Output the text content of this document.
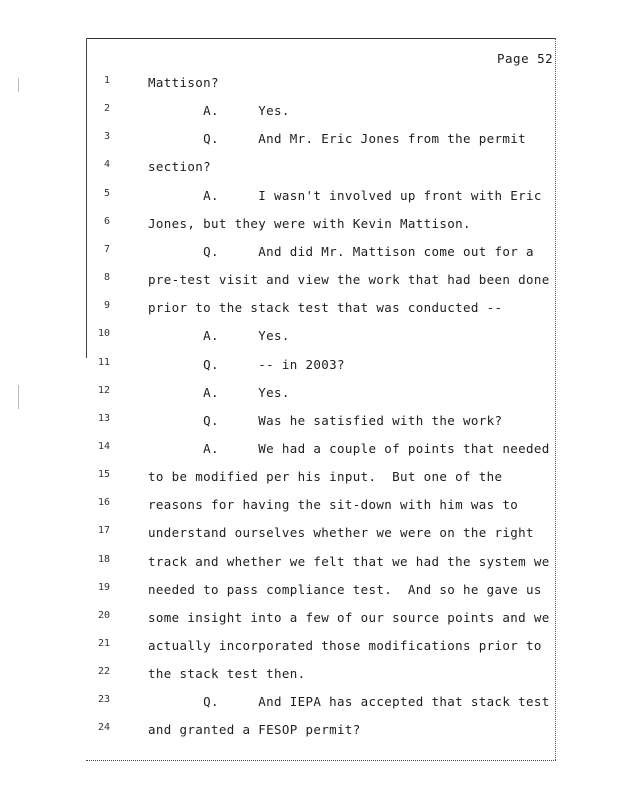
Page 52
1	Mattison?
2	A.     Yes.
3	Q.     And Mr. Eric Jones from the permit
4	section?
5	A.     I wasn't involved up front with Eric
6	Jones, but they were with Kevin Mattison.
7	Q.     And did Mr. Mattison come out for a
8	pre-test visit and view the work that had been done
9	prior to the stack test that was conducted --
10	A.     Yes.
11	Q.     -- in 2003?
12	A.     Yes.
13	Q.     Was he satisfied with the work?
14	A.     We had a couple of points that needed
15	to be modified per his input.  But one of the
16	reasons for having the sit-down with him was to
17	understand ourselves whether we were on the right
18	track and whether we felt that we had the system we
19	needed to pass compliance test.  And so he gave us
20	some insight into a few of our source points and we
21	actually incorporated those modifications prior to
22	the stack test then.
23	Q.     And IEPA has accepted that stack test
24	and granted a FESOP permit?
